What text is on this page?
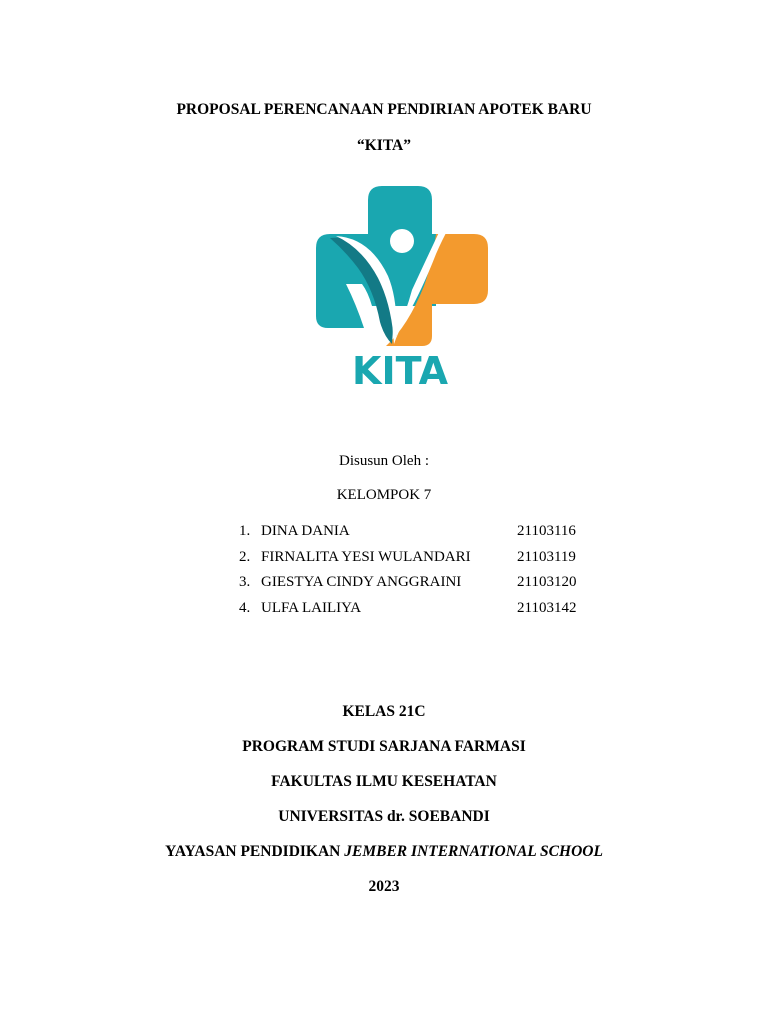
PROPOSAL PERENCANAAN PENDIRIAN APOTEK BARU
“KITA”
KITA
Disusun Oleh :
KELOMPOK 7
1. DINA DANIA	21103116
2. FIRNALITA YESI WULANDARI	21103119
3. GIESTYA CINDY ANGGRAINI	21103120
4. ULFA LAILIYA	21103142
KELAS 21C
PROGRAM STUDI SARJANA FARMASI
FAKULTAS ILMU KESEHATAN
UNIVERSITAS dr. SOEBANDI
YAYASAN PENDIDIKAN JEMBER INTERNATIONAL SCHOOL
2023
